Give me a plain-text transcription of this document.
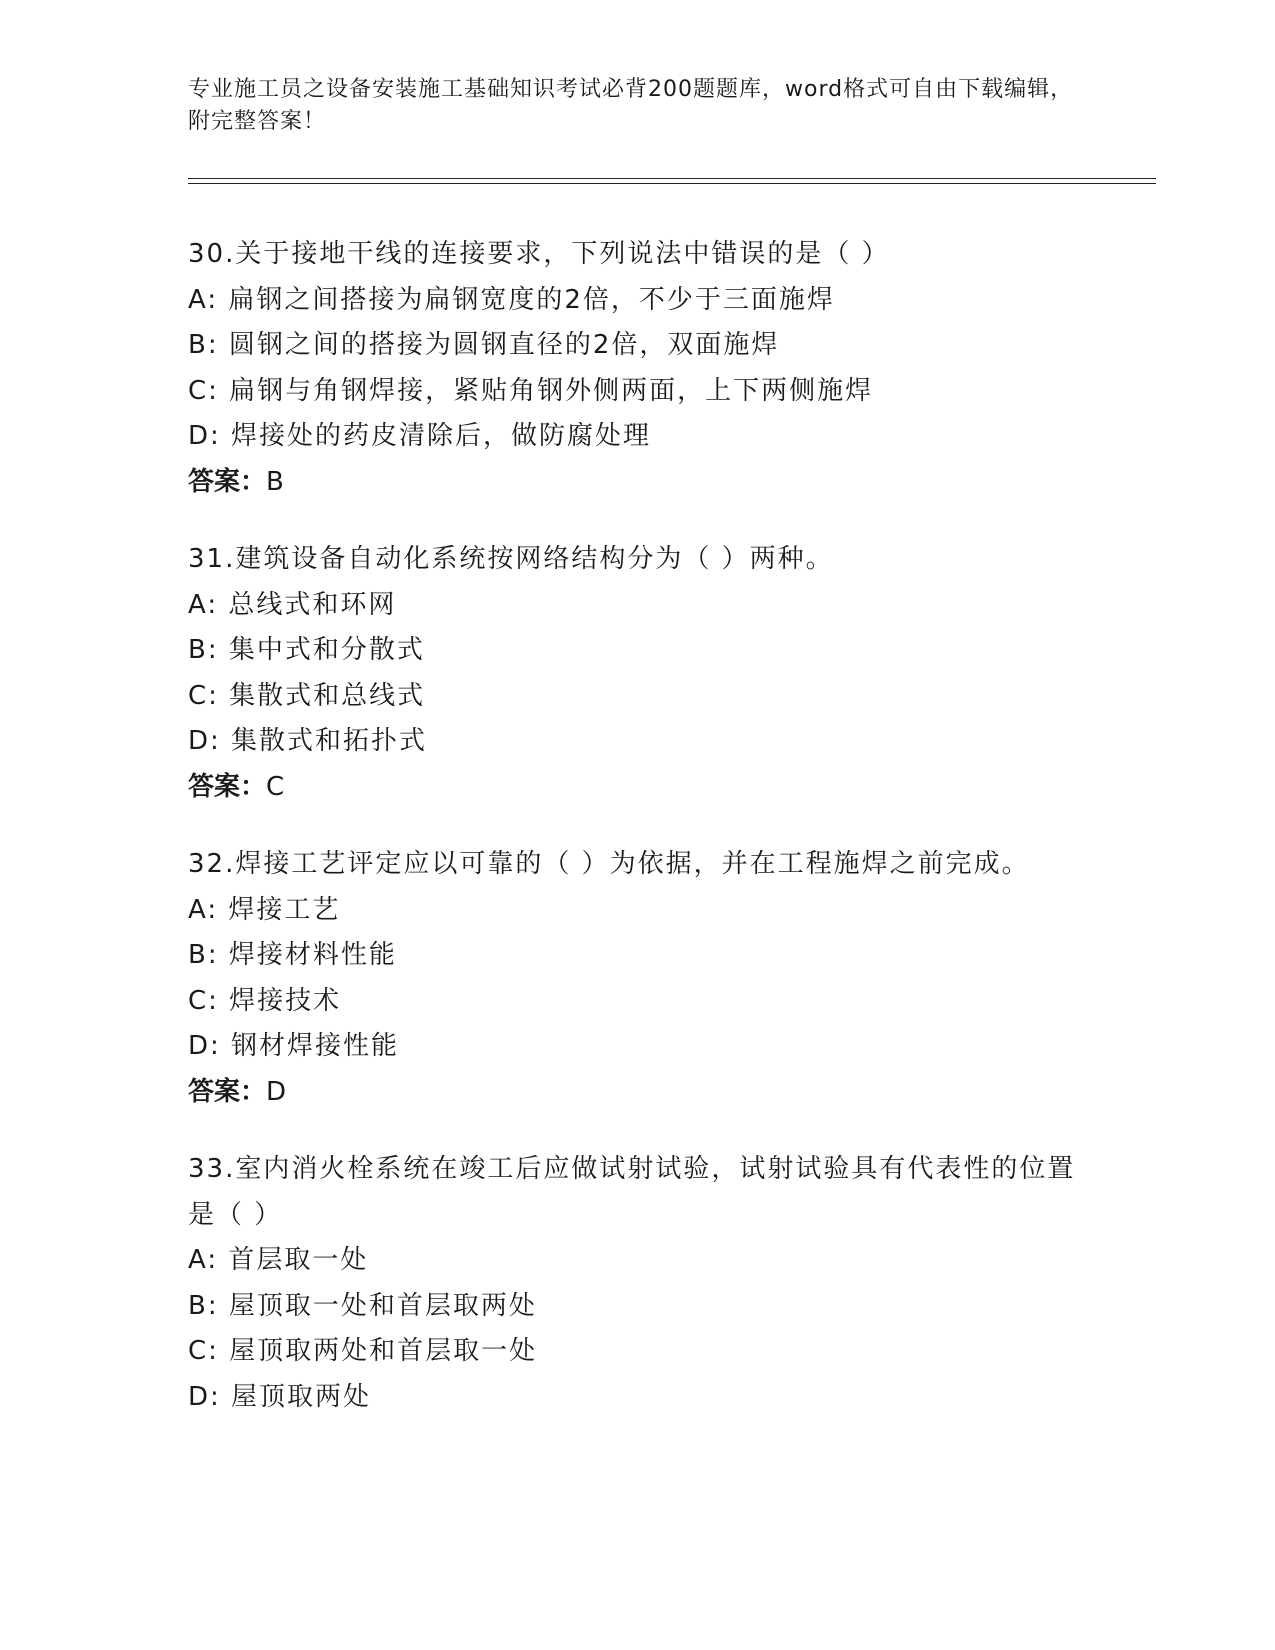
专业施工员之设备安装施工基础知识考试必背200题题库，word格式可自由下载编辑，附完整答案！
30.关于接地干线的连接要求，下列说法中错误的是（ ）
A: 扁钢之间搭接为扁钢宽度的2倍，不少于三面施焊
B: 圆钢之间的搭接为圆钢直径的2倍，双面施焊
C: 扁钢与角钢焊接，紧贴角钢外侧两面，上下两侧施焊
D: 焊接处的药皮清除后，做防腐处理
答案：B
31.建筑设备自动化系统按网络结构分为（ ）两种。
A: 总线式和环网
B: 集中式和分散式
C: 集散式和总线式
D: 集散式和拓扑式
答案：C
32.焊接工艺评定应以可靠的（ ）为依据，并在工程施焊之前完成。
A: 焊接工艺
B: 焊接材料性能
C: 焊接技术
D: 钢材焊接性能
答案：D
33.室内消火栓系统在竣工后应做试射试验，试射试验具有代表性的位置是（ ）
A: 首层取一处
B: 屋顶取一处和首层取两处
C: 屋顶取两处和首层取一处
D: 屋顶取两处
